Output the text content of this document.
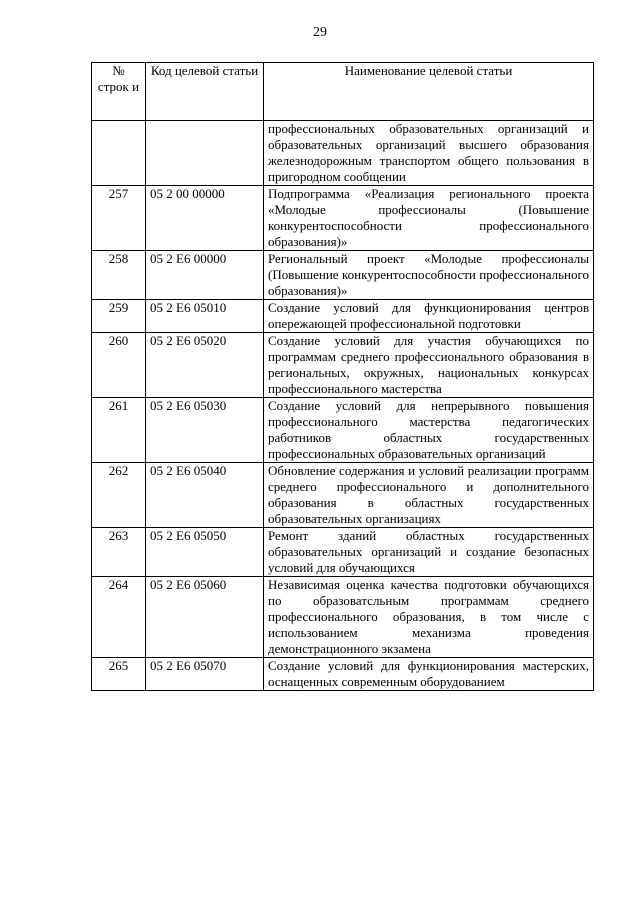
29
№ строк и	Код целевой статьи	Наименование целевой статьи
		профессиональных образовательных организаций и образовательных организаций высшего образования железнодорожным транспортом общего пользования в пригородном сообщении
257	05 2 00 00000	Подпрограмма «Реализация регионального проекта «Молодые профессионалы (Повышение конкурентоспособности профессионального образования)»
258	05 2 Е6 00000	Региональный проект «Молодые профессионалы (Повышение конкурентоспособности профессионального образования)»
259	05 2 Е6 05010	Создание условий для функционирования центров опережающей профессиональной подготовки
260	05 2 Е6 05020	Создание условий для участия обучающихся по программам среднего профессионального образования в региональных, окружных, национальных конкурсах профессионального мастерства
261	05 2 Е6 05030	Создание условий для непрерывного повышения профессионального мастерства педагогических работников областных государственных профессиональных образовательных организаций
262	05 2 Е6 05040	Обновление содержания и условий реализации программ среднего профессионального и дополнительного образования в областных государственных образовательных организациях
263	05 2 Е6 05050	Ремонт зданий областных государственных образовательных организаций и создание безопасных условий для обучающихся
264	05 2 Е6 05060	Независимая оценка качества подготовки обучающихся по образоватсльным программам среднего профессионального образования, в том числе с использованием механизма проведения демонстрационного экзамена
265	05 2 Е6 05070	Создание условий для функционирования мастерских, оснащенных современным оборудованием
